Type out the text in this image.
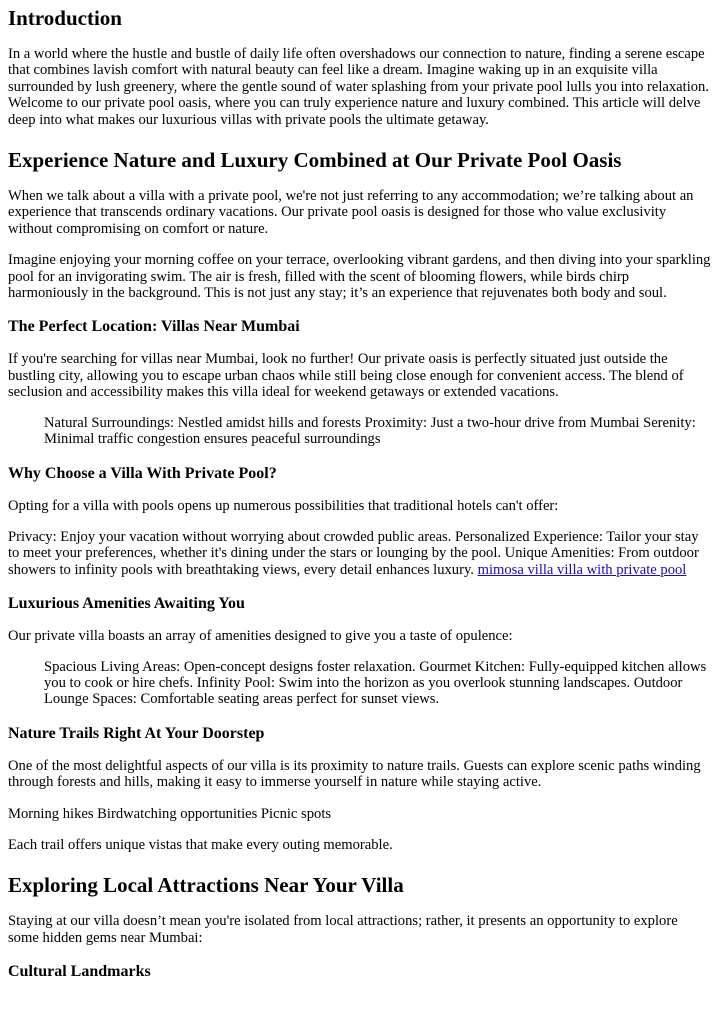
Introduction

In a world where the hustle and bustle of daily life often overshadows our connection to nature, finding a serene escape that combines lavish comfort with natural beauty can feel like a dream. Imagine waking up in an exquisite villa surrounded by lush greenery, where the gentle sound of water splashing from your private pool lulls you into relaxation. Welcome to our private pool oasis, where you can truly experience nature and luxury combined. This article will delve deep into what makes our luxurious villas with private pools the ultimate getaway.

Experience Nature and Luxury Combined at Our Private Pool Oasis

When we talk about a villa with a private pool, we're not just referring to any accommodation; we’re talking about an experience that transcends ordinary vacations. Our private pool oasis is designed for those who value exclusivity without compromising on comfort or nature.

Imagine enjoying your morning coffee on your terrace, overlooking vibrant gardens, and then diving into your sparkling pool for an invigorating swim. The air is fresh, filled with the scent of blooming flowers, while birds chirp harmoniously in the background. This is not just any stay; it’s an experience that rejuvenates both body and soul.

The Perfect Location: Villas Near Mumbai

If you're searching for villas near Mumbai, look no further! Our private oasis is perfectly situated just outside the bustling city, allowing you to escape urban chaos while still being close enough for convenient access. The blend of seclusion and accessibility makes this villa ideal for weekend getaways or extended vacations.

Natural Surroundings: Nestled amidst hills and forests Proximity: Just a two-hour drive from Mumbai Serenity: Minimal traffic congestion ensures peaceful surroundings
Why Choose a Villa With Private Pool?

Opting for a villa with pools opens up numerous possibilities that traditional hotels can't offer:

Privacy: Enjoy your vacation without worrying about crowded public areas. Personalized Experience: Tailor your stay to meet your preferences, whether it's dining under the stars or lounging by the pool. Unique Amenities: From outdoor showers to infinity pools with breathtaking views, every detail enhances luxury. mimosa villa villa with private pool

Luxurious Amenities Awaiting You

Our private villa boasts an array of amenities designed to give you a taste of opulence:

Spacious Living Areas: Open-concept designs foster relaxation. Gourmet Kitchen: Fully-equipped kitchen allows you to cook or hire chefs. Infinity Pool: Swim into the horizon as you overlook stunning landscapes. Outdoor Lounge Spaces: Comfortable seating areas perfect for sunset views.
Nature Trails Right At Your Doorstep

One of the most delightful aspects of our villa is its proximity to nature trails. Guests can explore scenic paths winding through forests and hills, making it easy to immerse yourself in nature while staying active.

Morning hikes Birdwatching opportunities Picnic spots

Each trail offers unique vistas that make every outing memorable.

Exploring Local Attractions Near Your Villa

Staying at our villa doesn’t mean you're isolated from local attractions; rather, it presents an opportunity to explore some hidden gems near Mumbai:

Cultural Landmarks
